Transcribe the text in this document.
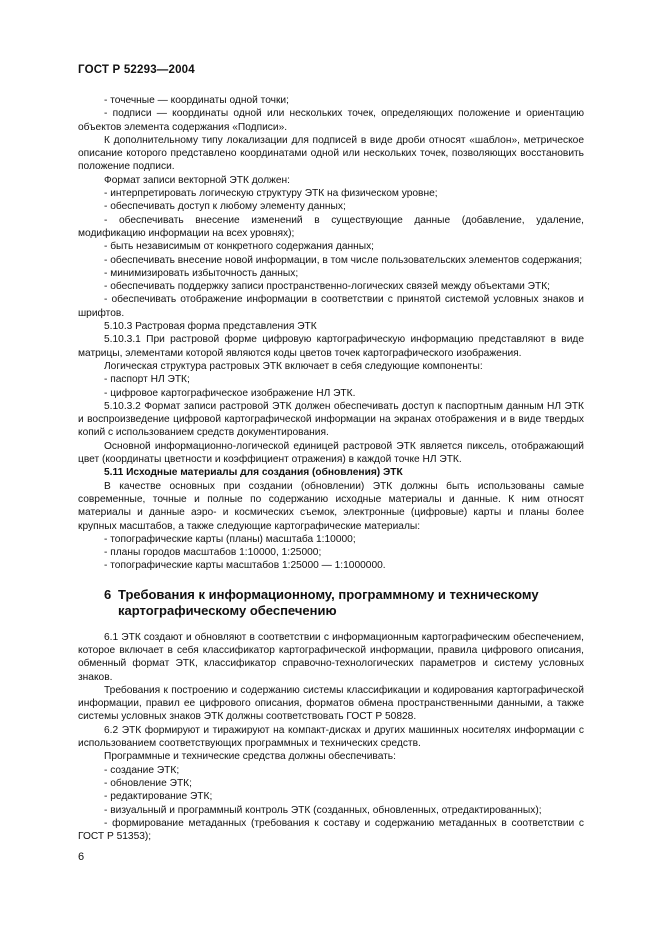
ГОСТ Р 52293—2004

- точечные — координаты одной точки;

- подписи — координаты одной или нескольких точек, определяющих положение и ориентацию объектов элемента содержания «Подписи».

К дополнительному типу локализации для подписей в виде дроби относят «шаблон», метрическое описание которого представлено координатами одной или нескольких точек, позволяющих восстановить положение подписи.

Формат записи векторной ЭТК должен:

- интерпретировать логическую структуру ЭТК на физическом уровне;

- обеспечивать доступ к любому элементу данных;

- обеспечивать внесение изменений в существующие данные (добавление, удаление, модификацию информации на всех уровнях);

- быть независимым от конкретного содержания данных;

- обеспечивать внесение новой информации, в том числе пользовательских элементов содержания;

- минимизировать избыточность данных;

- обеспечивать поддержку записи пространственно-логических связей между объектами ЭТК;

- обеспечивать отображение информации в соответствии с принятой системой условных знаков и шрифтов.

5.10.3 Растровая форма представления ЭТК

5.10.3.1 При растровой форме цифровую картографическую информацию представляют в виде матрицы, элементами которой являются коды цветов точек картографического изображения.

Логическая структура растровых ЭТК включает в себя следующие компоненты:

- паспорт НЛ ЭТК;

- цифровое картографическое изображение НЛ ЭТК.

5.10.3.2 Формат записи растровой ЭТК должен обеспечивать доступ к паспортным данным НЛ ЭТК и воспроизведение цифровой картографической информации на экранах отображения и в виде твердых копий с использованием средств документирования.

Основной информационно-логической единицей растровой ЭТК является пиксель, отображающий цвет (координаты цветности и коэффициент отражения) в каждой точке НЛ ЭТК.

5.11 Исходные материалы для создания (обновления) ЭТК

В качестве основных при создании (обновлении) ЭТК должны быть использованы самые современные, точные и полные по содержанию исходные материалы и данные. К ним относят материалы и данные аэро- и космических съемок, электронные (цифровые) карты и планы более крупных масштабов, а также следующие картографические материалы:

- топографические карты (планы) масштаба 1:10000;

- планы городов масштабов 1:10000, 1:25000;

- топографические карты масштабов 1:25000 — 1:1000000.

6 Требования к информационному, программному и техническому
картографическому обеспечению

6.1 ЭТК создают и обновляют в соответствии с информационным картографическим обеспечением, которое включает в себя классификатор картографической информации, правила цифрового описания, обменный формат ЭТК, классификатор справочно-технологических параметров и систему условных знаков.

Требования к построению и содержанию системы классификации и кодирования картографической информации, правил ее цифрового описания, форматов обмена пространственными данными, а также системы условных знаков ЭТК должны соответствовать ГОСТ Р 50828.

6.2 ЭТК формируют и тиражируют на компакт-дисках и других машинных носителях информации с использованием соответствующих программных и технических средств.

Программные и технические средства должны обеспечивать:

- создание ЭТК;

- обновление ЭТК;

- редактирование ЭТК;

- визуальный и программный контроль ЭТК (созданных, обновленных, отредактированных);

- формирование метаданных (требования к составу и содержанию метаданных в соответствии с ГОСТ Р 51353);

6
